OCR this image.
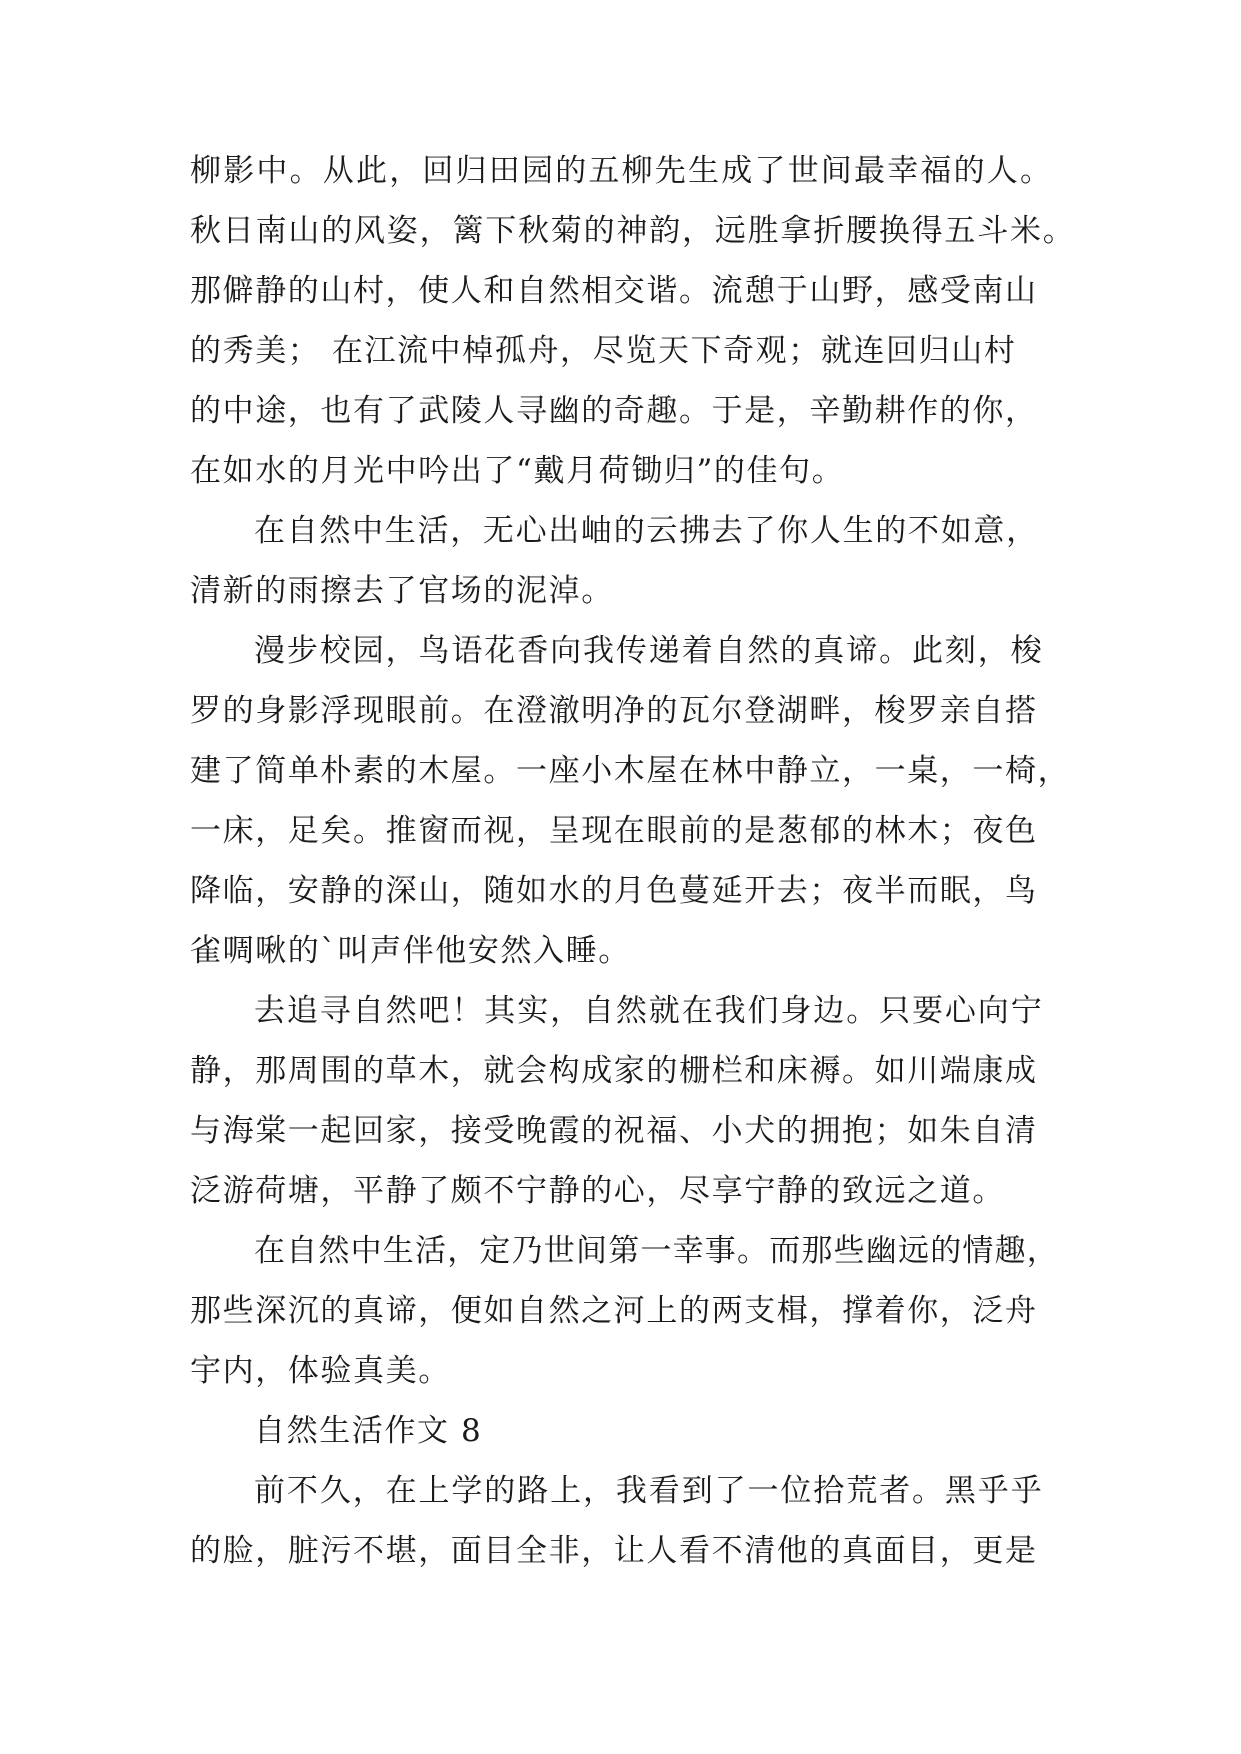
柳影中。从此，回归田园的五柳先生成了世间最幸福的人。
秋日南山的风姿，篱下秋菊的神韵，远胜拿折腰换得五斗米。
那僻静的山村，使人和自然相交谐。流憩于山野，感受南山
的秀美； 在江流中棹孤舟，尽览天下奇观；就连回归山村
的中途，也有了武陵人寻幽的奇趣。于是，辛勤耕作的你，
在如水的月光中吟出了“戴月荷锄归”的佳句。
在自然中生活，无心出岫的云拂去了你人生的不如意，
清新的雨擦去了官场的泥淖。
漫步校园，鸟语花香向我传递着自然的真谛。此刻，梭
罗的身影浮现眼前。在澄澈明净的瓦尔登湖畔，梭罗亲自搭
建了简单朴素的木屋。一座小木屋在林中静立，一桌，一椅，
一床，足矣。推窗而视，呈现在眼前的是葱郁的林木；夜色
降临，安静的深山，随如水的月色蔓延开去；夜半而眠，鸟
雀啁啾的`叫声伴他安然入睡。
去追寻自然吧！其实，自然就在我们身边。只要心向宁
静，那周围的草木，就会构成家的栅栏和床褥。如川端康成
与海棠一起回家，接受晚霞的祝福、小犬的拥抱；如朱自清
泛游荷塘，平静了颇不宁静的心，尽享宁静的致远之道。
在自然中生活，定乃世间第一幸事。而那些幽远的情趣，
那些深沉的真谛，便如自然之河上的两支楫，撑着你，泛舟
宇内，体验真美。
自然生活作文 8
前不久，在上学的路上，我看到了一位拾荒者。黑乎乎
的脸，脏污不堪，面目全非，让人看不清他的真面目，更是
